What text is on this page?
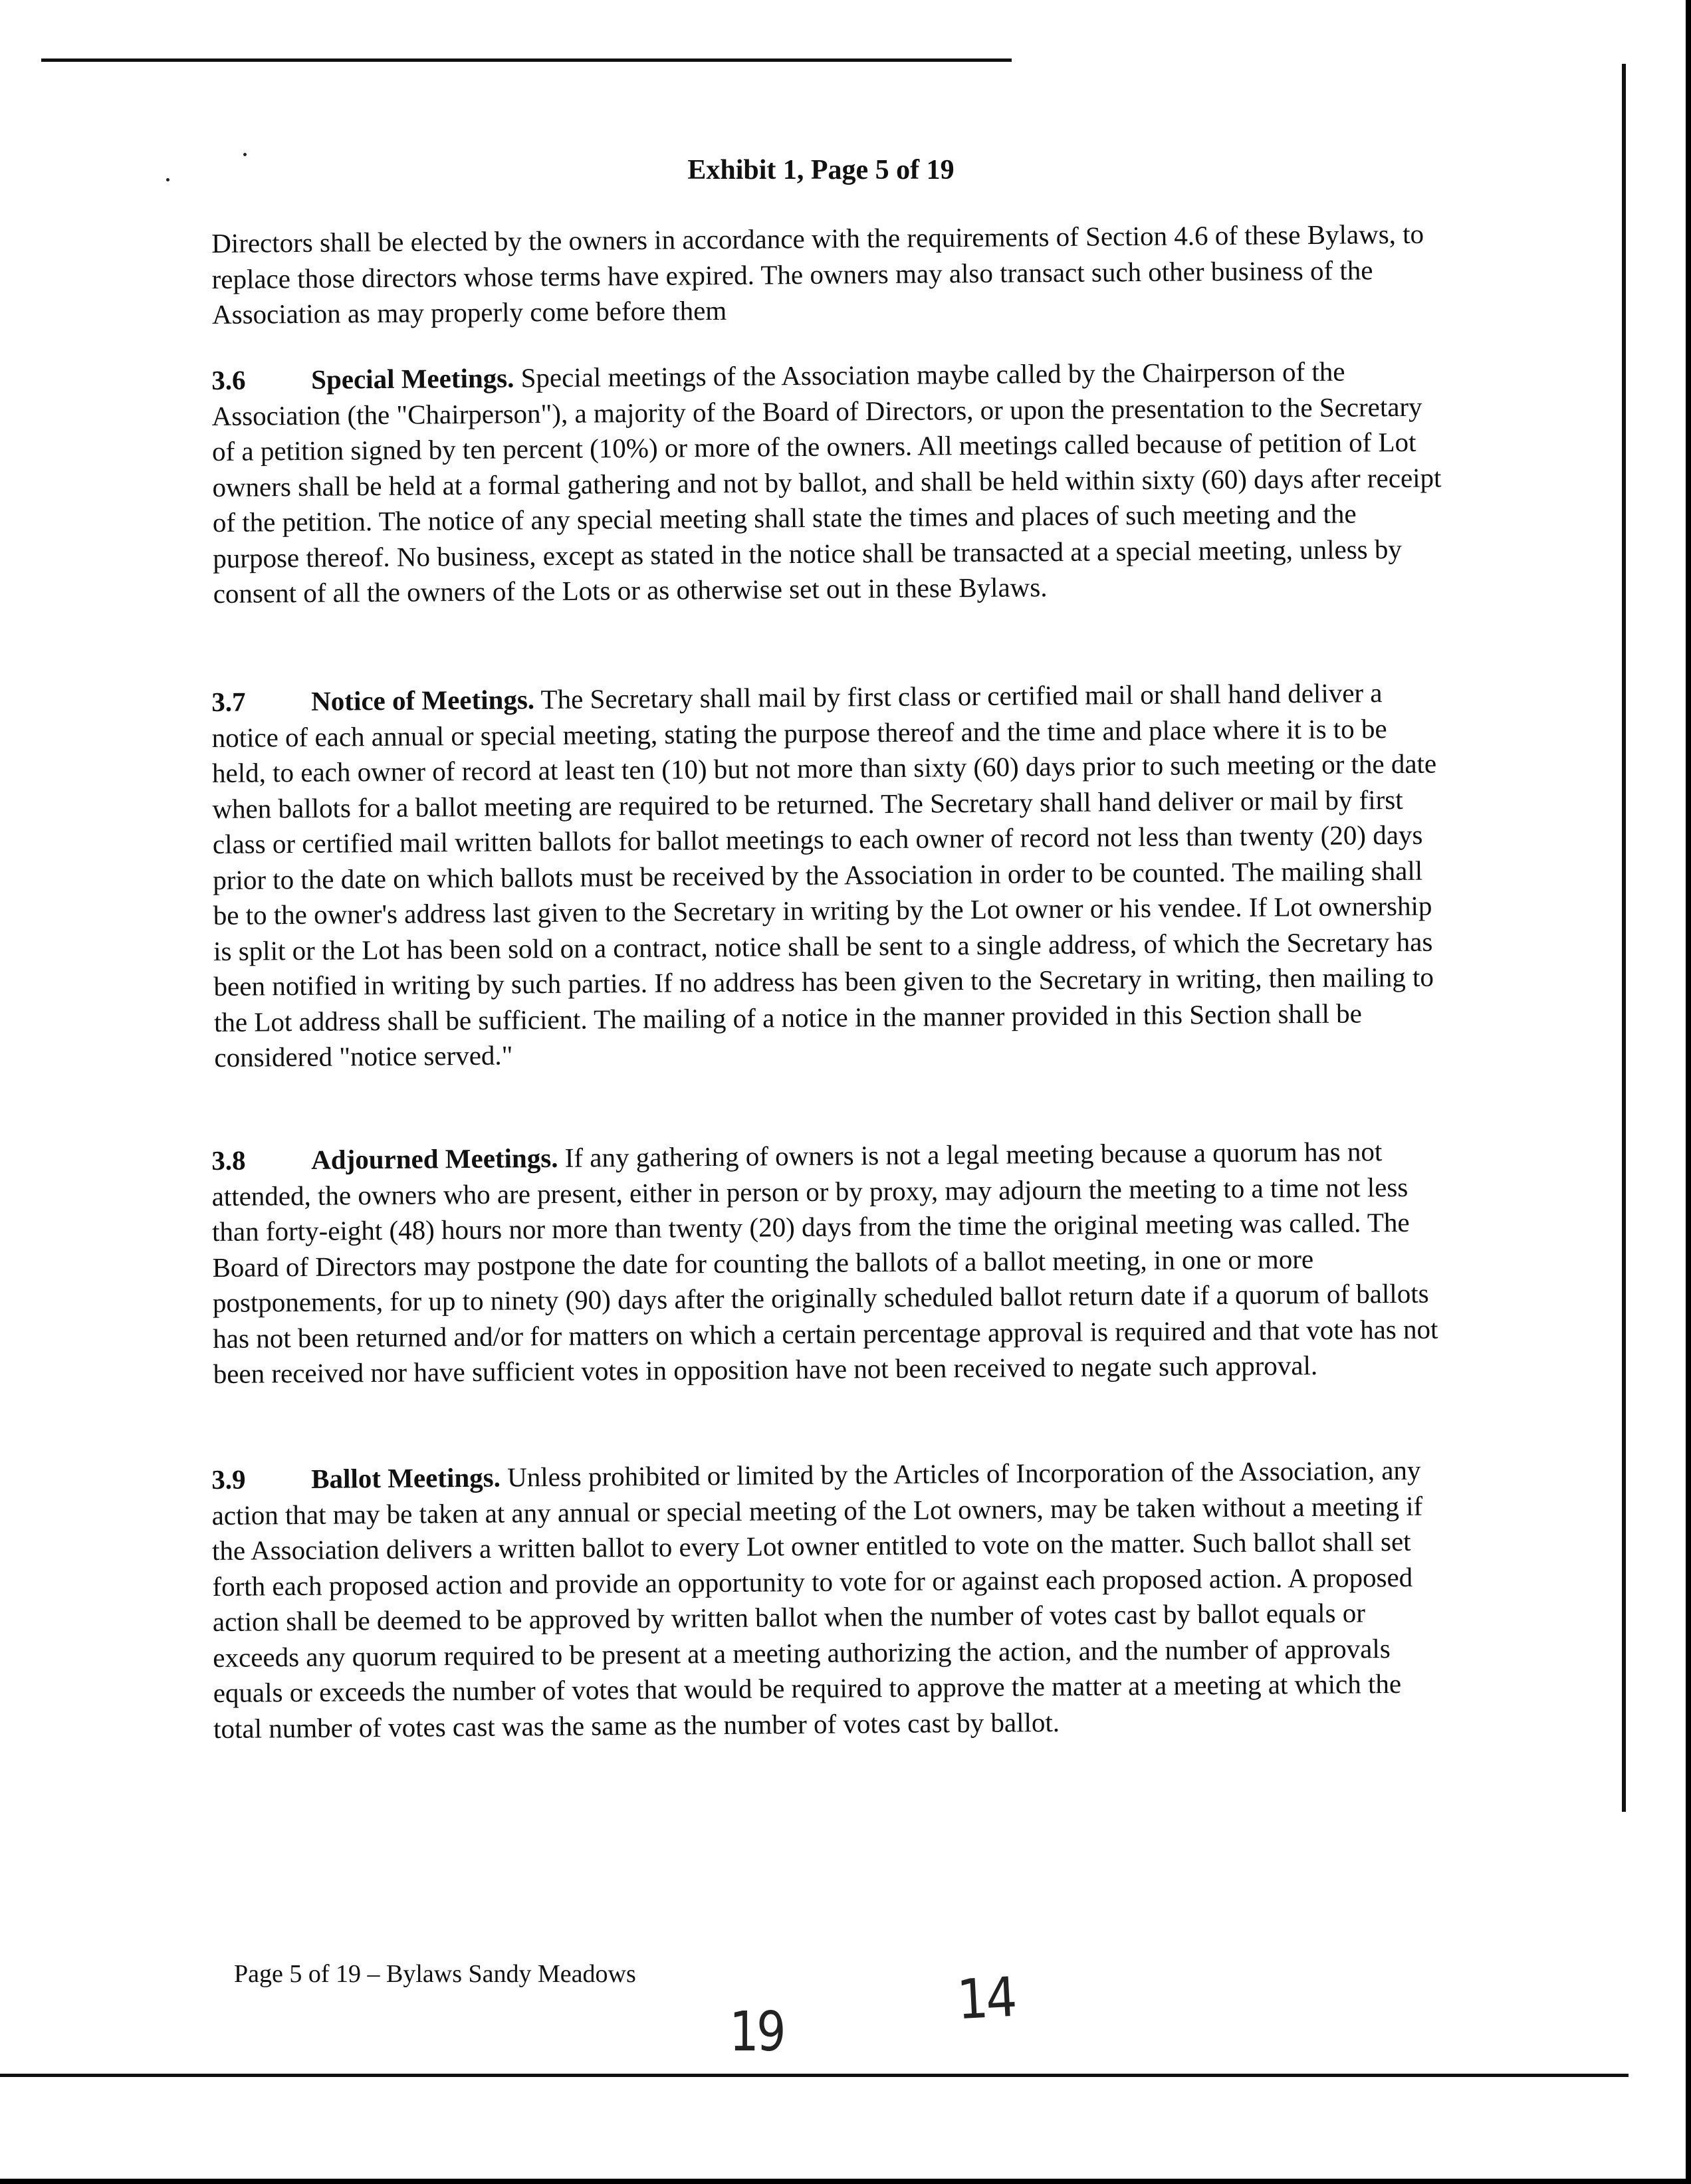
Exhibit 1, Page 5 of 19

Directors shall be elected by the owners in accordance with the requirements of Section 4.6 of these Bylaws, to replace those directors whose terms have expired. The owners may also transact such other business of the Association as may properly come before them

3.6 Special Meetings. Special meetings of the Association maybe called by the Chairperson of the Association (the "Chairperson"), a majority of the Board of Directors, or upon the presentation to the Secretary of a petition signed by ten percent (10%) or more of the owners. All meetings called because of petition of Lot owners shall be held at a formal gathering and not by ballot, and shall be held within sixty (60) days after receipt of the petition. The notice of any special meeting shall state the times and places of such meeting and the purpose thereof. No business, except as stated in the notice shall be transacted at a special meeting, unless by consent of all the owners of the Lots or as otherwise set out in these Bylaws.

3.7 Notice of Meetings. The Secretary shall mail by first class or certified mail or shall hand deliver a notice of each annual or special meeting, stating the purpose thereof and the time and place where it is to be held, to each owner of record at least ten (10) but not more than sixty (60) days prior to such meeting or the date when ballots for a ballot meeting are required to be returned. The Secretary shall hand deliver or mail by first class or certified mail written ballots for ballot meetings to each owner of record not less than twenty (20) days prior to the date on which ballots must be received by the Association in order to be counted. The mailing shall be to the owner's address last given to the Secretary in writing by the Lot owner or his vendee. If Lot ownership is split or the Lot has been sold on a contract, notice shall be sent to a single address, of which the Secretary has been notified in writing by such parties. If no address has been given to the Secretary in writing, then mailing to the Lot address shall be sufficient. The mailing of a notice in the manner provided in this Section shall be considered "notice served."

3.8 Adjourned Meetings. If any gathering of owners is not a legal meeting because a quorum has not attended, the owners who are present, either in person or by proxy, may adjourn the meeting to a time not less than forty-eight (48) hours nor more than twenty (20) days from the time the original meeting was called. The Board of Directors may postpone the date for counting the ballots of a ballot meeting, in one or more postponements, for up to ninety (90) days after the originally scheduled ballot return date if a quorum of ballots has not been returned and/or for matters on which a certain percentage approval is required and that vote has not been received nor have sufficient votes in opposition have not been received to negate such approval.

3.9 Ballot Meetings. Unless prohibited or limited by the Articles of Incorporation of the Association, any action that may be taken at any annual or special meeting of the Lot owners, may be taken without a meeting if the Association delivers a written ballot to every Lot owner entitled to vote on the matter. Such ballot shall set forth each proposed action and provide an opportunity to vote for or against each proposed action. A proposed action shall be deemed to be approved by written ballot when the number of votes cast by ballot equals or exceeds any quorum required to be present at a meeting authorizing the action, and the number of approvals equals or exceeds the number of votes that would be required to approve the matter at a meeting at which the total number of votes cast was the same as the number of votes cast by ballot.

Page 5 of 19 – Bylaws Sandy Meadows
19
14
